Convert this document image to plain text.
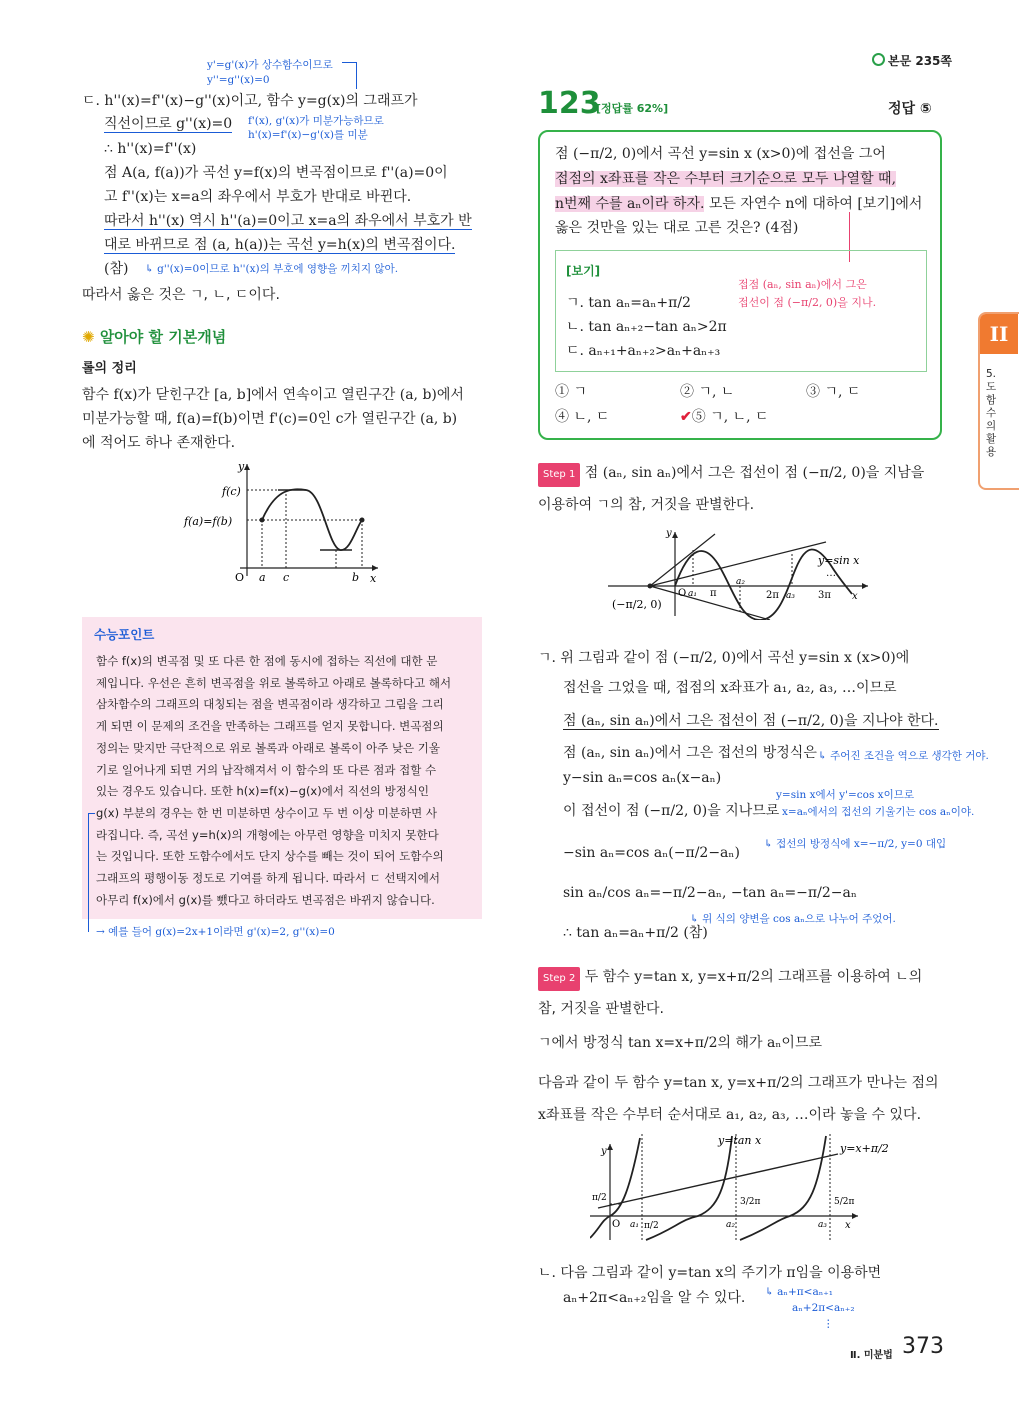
본문 235쪽
y'=g'(x)가 상수함수이므로
y''=g''(x)=0
ㄷ. h''(x)=f''(x)−g''(x)이고, 함수 y=g(x)의 그래프가
직선이므로 g''(x)=0 f'(x), g'(x)가 미분가능하므로
h'(x)=f'(x)−g'(x)를 미분
∴ h''(x)=f''(x)
점 A(a, f(a))가 곡선 y=f(x)의 변곡점이므로 f''(a)=0이
고 f''(x)는 x=a의 좌우에서 부호가 반대로 바뀐다.
따라서 h''(x) 역시 h''(a)=0이고 x=a의 좌우에서 부호가 반
대로 바뀌므로 점 (a, h(a))는 곡선 y=h(x)의 변곡점이다.
(참) ↳ g''(x)=0이므로 h''(x)의 부호에 영향을 끼치지 않아.
따라서 옳은 것은 ㄱ, ㄴ, ㄷ이다.
✺ 알아야 할 기본개념
롤의 정리
함수 f(x)가 닫힌구간 [a, b]에서 연속이고 열린구간 (a, b)에서
미분가능할 때, f(a)=f(b)이면 f'(c)=0인 c가 열린구간 (a, b)
에 적어도 하나 존재한다.
y
x
O
f(c)
f(a)=f(b)
a c	b
수능포인트
함수 f(x)의 변곡점 및 또 다른 한 점에 동시에 접하는 직선에 대한 문
제입니다. 우선은 흔히 변곡점을 위로 볼록하고 아래로 볼록하다고 해서
삼차함수의 그래프의 대칭되는 점을 변곡점이라 생각하고 그림을 그리
게 되면 이 문제의 조건을 만족하는 그래프를 얻지 못합니다. 변곡점의
정의는 맞지만 극단적으로 위로 볼록과 아래로 볼록이 아주 낮은 기울
기로 일어나게 되면 거의 납작해져서 이 함수의 또 다른 점과 접할 수
있는 경우도 있습니다. 또한 h(x)=f(x)−g(x)에서 직선의 방정식인
g(x) 부분의 경우는 한 번 미분하면 상수이고 두 번 이상 미분하면 사
라집니다. 즉, 곡선 y=h(x)의 개형에는 아무런 영향을 미치지 못한다
는 것입니다. 또한 도함수에서도 단지 상수를 빼는 것이 되어 도함수의
그래프의 평행이동 정도로 기여를 하게 됩니다. 따라서 ㄷ 선택지에서
아무리 f(x)에서 g(x)를 뺐다고 하더라도 변곡점은 바뀌지 않습니다.
→ 예를 들어 g(x)=2x+1이라면 g'(x)=2, g''(x)=0
123
[정답률 62%]	정답 ⑤
점 (−π/2, 0)에서 곡선 y=sin x (x>0)에 접선을 그어
접점의 x좌표를 작은 수부터 크기순으로 모두 나열할 때,
n번째 수를 aₙ이라 하자. 모든 자연수 n에 대하여 [보기]에서
옳은 것만을 있는 대로 고른 것은? (4점)
[보기]
접점 (aₙ, sin aₙ)에서 그은
접선이 점 (−π/2, 0)을 지나.
ㄱ. tan aₙ=aₙ+π/2
ㄴ. tan aₙ₊₂−tan aₙ>2π
ㄷ. aₙ₊₁+aₙ₊₂>aₙ+aₙ₊₃
① ㄱ	② ㄱ, ㄴ	③ ㄱ, ㄷ
④ ㄴ, ㄷ	✔⑤ ㄱ, ㄴ, ㄷ
Step 1 점 (aₙ, sin aₙ)에서 그은 접선이 점 (−π/2, 0)을 지남을
이용하여 ㄱ의 참, 거짓을 판별한다.
y
y=sin x
…
(−π/2, 0)
O a₁ π
a₂
2π a₃ 3π x
ㄱ. 위 그림과 같이 점 (−π/2, 0)에서 곡선 y=sin x (x>0)에
접선을 그었을 때, 접점의 x좌표가 a₁, a₂, a₃, …이므로
점 (aₙ, sin aₙ)에서 그은 접선이 점 (−π/2, 0)을 지나야 한다.
점 (aₙ, sin aₙ)에서 그은 접선의 방정식은 ↳ 주어진 조건을 역으로 생각한 거야.
y−sin aₙ=cos aₙ(x−aₙ)
y=sin x에서 y'=cos x이므로
이 접선이 점 (−π/2, 0)을 지나므로 x=aₙ에서의 접선의 기울기는 cos aₙ이야.
↳ 접선의 방정식에 x=−π/2, y=0 대입
−sin aₙ=cos aₙ(−π/2−aₙ)
sin aₙ/cos aₙ=−π/2−aₙ, −tan aₙ=−π/2−aₙ
↳ 위 식의 양변을 cos aₙ으로 나누어 주었어.
∴ tan aₙ=aₙ+π/2 (참)
Step 2 두 함수 y=tan x, y=x+π/2의 그래프를 이용하여 ㄴ의
참, 거짓을 판별한다.
ㄱ에서 방정식 tan x=x+π/2의 해가 aₙ이므로
다음과 같이 두 함수 y=tan x, y=x+π/2의 그래프가 만나는 점의
x좌표를 작은 수부터 순서대로 a₁, a₂, a₃, …이라 놓을 수 있다.
y=tan x
y=x+π/2
y
x
O
π/2
a₁ π/2	a₂
3/2π
a₃
5/2π
ㄴ. 다음 그림과 같이 y=tan x의 주기가 π임을 이용하면
aₙ+2π<aₙ₊₂임을 알 수 있다. ↳ aₙ+π<aₙ₊₁
aₙ+2π<aₙ₊₂
⋮
II
5.도함수의활용
Ⅱ. 미분법 373
